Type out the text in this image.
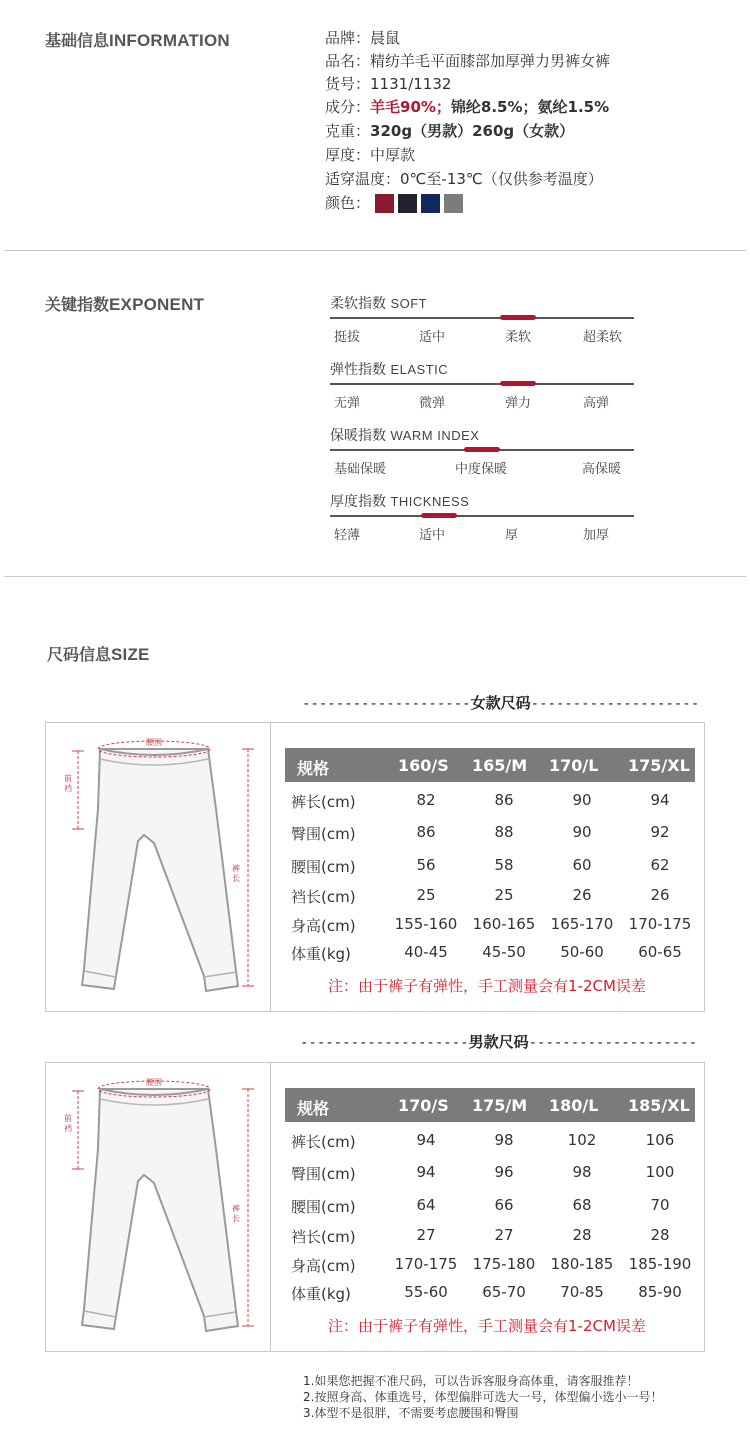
基础信息INFORMATION	品牌：晨鼠
品名：精纺羊毛平面膝部加厚弹力男裤女裤
货号：1131/1132
成分：羊毛90%；锦纶8.5%；氨纶1.5%
克重：320g（男款）260g（女款）
厚度：中厚款
适穿温度：0℃至-13℃（仅供参考温度）
颜色：
关键指数EXPONENT	柔软指数 SOFT
挺拔	适中	柔软	超柔软
弹性指数 ELASTIC
无弹	微弹	弹力	高弹
保暖指数 WARM INDEX
基础保暖	中度保暖	高保暖
厚度指数 THICKNESS
轻薄	适中	厚	加厚
尺码信息SIZE
--------------------女款尺码--------------------
腰围
前
裆
裤
长
规格	160/S 165/M 170/L 175/XL
裤长(cm)	82	86	90	94
臀围(cm)	86	88	90	92
腰围(cm)	56	58	60	62
裆长(cm)	25	25	26	26
身高(cm)	155-160 160-165 165-170 170-175
体重(kg)	40-45 45-50 50-60 60-65
注：由于裤子有弹性，手工测量会有1-2CM误差
--------------------男款尺码--------------------
腰围
前
裆
裤
长
规格	170/S 175/M 180/L 185/XL
裤长(cm)	94	98	102	106
臀围(cm)	94	96	98	100
腰围(cm)	64	66	68	70
裆长(cm)	27	27	28	28
身高(cm)	170-175 175-180 180-185 185-190
体重(kg)	55-60 65-70 70-85 85-90
注：由于裤子有弹性，手工测量会有1-2CM误差
1.如果您把握不准尺码，可以告诉客服身高体重，请客服推荐！
2.按照身高、体重选号，体型偏胖可选大一号，体型偏小选小一号！
3.体型不是很胖，不需要考虑腰围和臀围
